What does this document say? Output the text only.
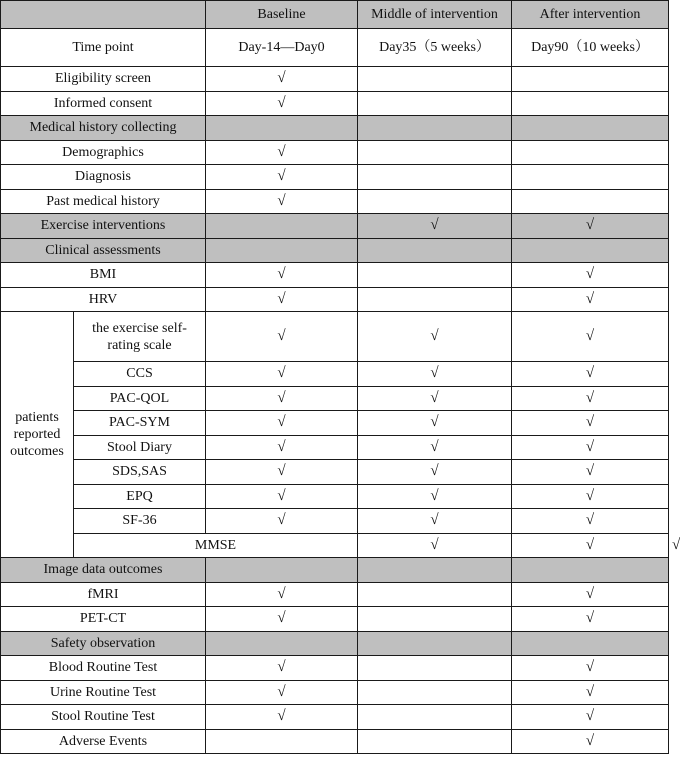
		Baseline	Middle of intervention	After intervention	
Time point		Day-14—Day0	Day35（5 weeks）	Day90（10 weeks）	
Eligibility screen		√			
Informed consent		√			
Medical history collecting					
Demographics		√			
Diagnosis		√			
Past medical history		√			
Exercise interventions			√	√	
Clinical assessments					
BMI		√		√	
HRV		√		√	
patients reported outcomes	the exercise self-rating scale	√	√	√	
	CCS	√	√	√	
	PAC-QOL	√	√	√	
	PAC-SYM	√	√	√	
	Stool Diary	√	√	√	
	SDS,SAS	√	√	√	
	EPQ	√	√	√	
	SF-36	√	√	√	
	MMSE		√	√	√
Image data outcomes					
fMRI		√		√	
PET-CT		√		√	
Safety observation					
Blood Routine Test		√		√	
Urine Routine Test		√		√	
Stool Routine Test		√		√	
Adverse Events				√	
